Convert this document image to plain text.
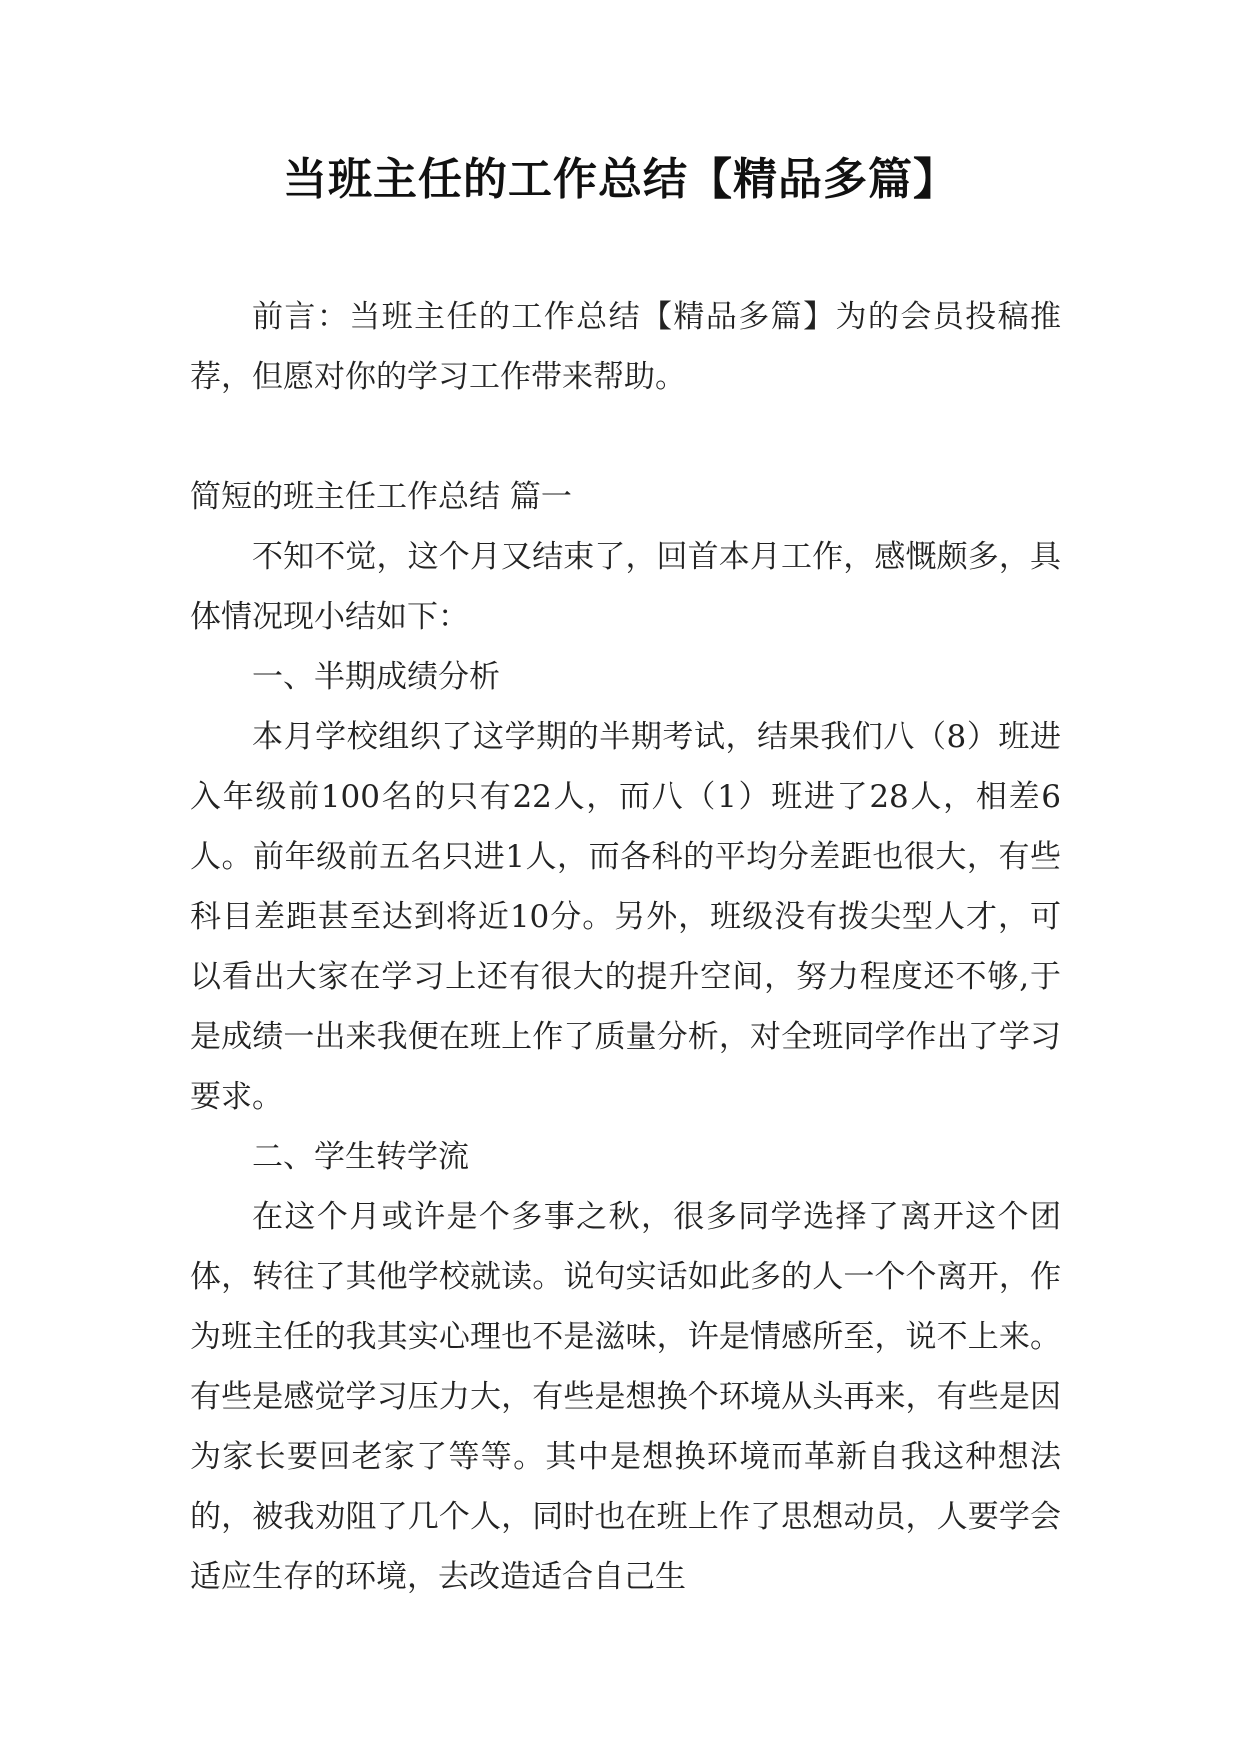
当班主任的工作总结【精品多篇】

前言：当班主任的工作总结【精品多篇】为的会员投稿推荐，但愿对你的学习工作带来帮助。

简短的班主任工作总结 篇一

不知不觉，这个月又结束了，回首本月工作，感慨颇多，具体情况现小结如下：

一、半期成绩分析

本月学校组织了这学期的半期考试，结果我们八（8）班进入年级前100名的只有22人，而八（1）班进了28人，相差6人。前年级前五名只进1人，而各科的平均分差距也很大，有些科目差距甚至达到将近10分。另外，班级没有拨尖型人才，可以看出大家在学习上还有很大的提升空间，努力程度还不够,于是成绩一出来我便在班上作了质量分析，对全班同学作出了学习要求。

二、学生转学流

在这个月或许是个多事之秋，很多同学选择了离开这个团体，转往了其他学校就读。说句实话如此多的人一个个离开，作为班主任的我其实心理也不是滋味，许是情感所至，说不上来。有些是感觉学习压力大，有些是想换个环境从头再来，有些是因为家长要回老家了等等。其中是想换环境而革新自我这种想法的，被我劝阻了几个人，同时也在班上作了思想动员，人要学会适应生存的环境，去改造适合自己生
